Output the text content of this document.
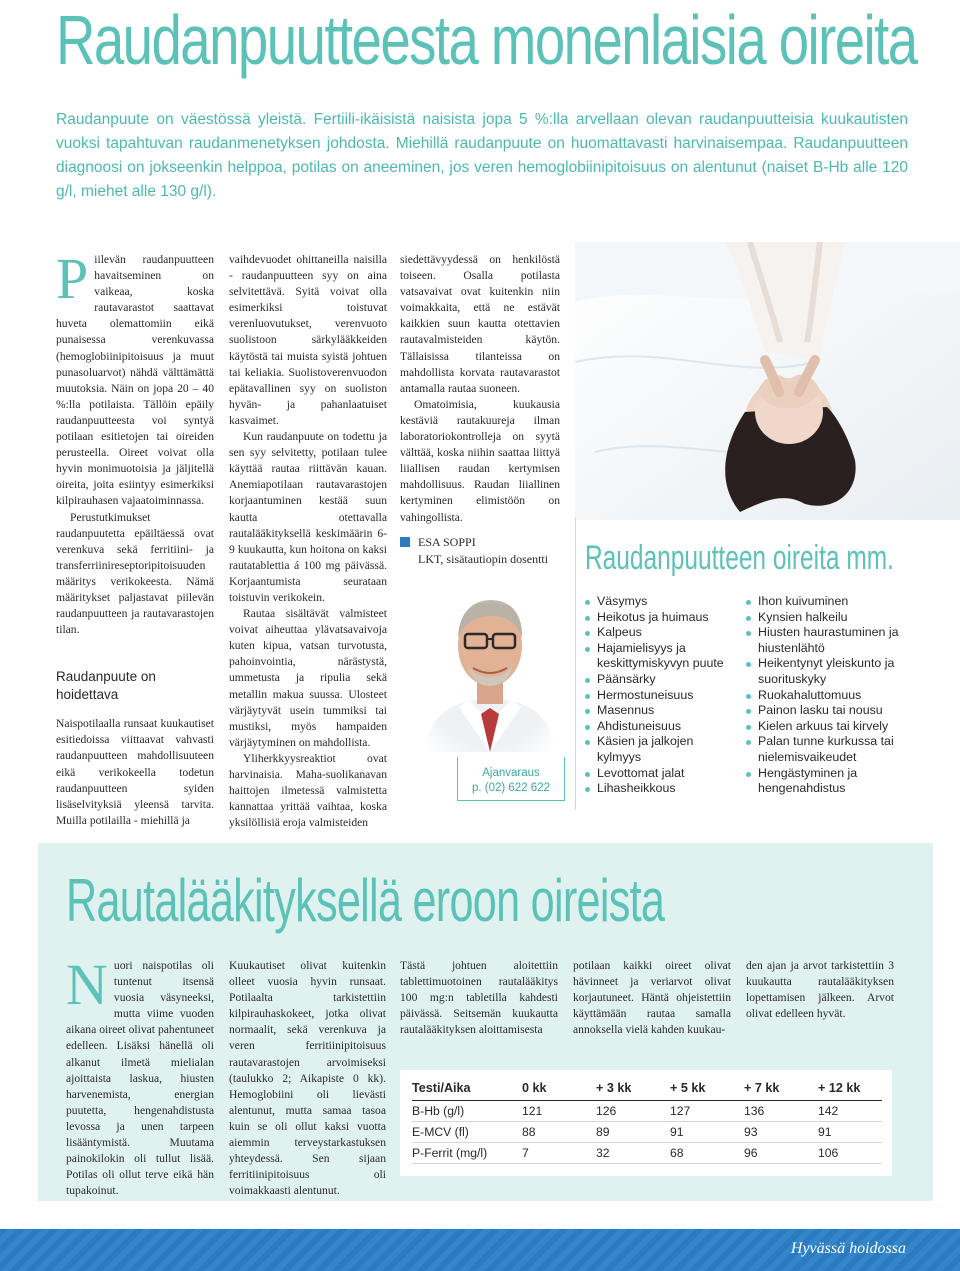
Raudanpuutteesta monenlaisia oireita
Raudanpuute on väestössä yleistä. Fertiili-ikäisistä naisista jopa 5 %:lla arvellaan olevan raudanpuutteisia kuukautisten vuoksi tapahtuvan raudanmenetyksen johdosta. Miehillä raudanpuute on huomattavasti harvinaisempaa. Raudanpuutteen diagnoosi on jokseenkin helppoa, potilas on aneeminen, jos veren hemoglobiinipitoisuus on alentunut (naiset B-Hb alle 120 g/l, miehet alle 130 g/l).

Piilevän raudanpuutteen havaitseminen on vaikeaa, koska rautavarastot saattavat huveta olemattomiin eikä punaisessa verenkuvassa (hemoglobiinipitoisuus ja muut punasoluarvot) nähdä välttämättä muutoksia. Näin on jopa 20 – 40 %:lla potilaista. Tällöin epäily raudanpuutteesta voi syntyä potilaan esitietojen tai oireiden perusteella. Oireet voivat olla hyvin monimuotoisia ja jäljitellä oireita, joita esiintyy esimerkiksi kilpirauhasen vajaatoiminnassa.

Perustutkimukset raudanpuutetta epäiltäessä ovat verenkuva sekä ferritiini- ja transferriinireseptoripitoisuuden määritys verikokeesta. Nämä määritykset paljastavat piilevän raudanpuutteen ja rautavarastojen tilan.

Raudanpuute on hoidettava

Naispotilaalla runsaat kuukautiset esitiedoissa viittaavat vahvasti raudanpuutteen mahdollisuuteen eikä verikokeella todetun raudanpuutteen syiden lisäselvityksiä yleensä tarvita. Muilla potilailla - miehillä ja

vaihdevuodet ohittaneilla naisilla - raudanpuutteen syy on aina selvitettävä. Syitä voivat olla esimerkiksi toistuvat verenluovutukset, verenvuoto suolistoon särkylääkkeiden käytöstä tai muista syistä johtuen tai keliakia. Suolistoverenvuodon epätavallinen syy on suoliston hyvän- ja pahanlaatuiset kasvaimet.

Kun raudanpuute on todettu ja sen syy selvitetty, potilaan tulee käyttää rautaa riittävän kauan. Anemiapotilaan rautavarastojen korjaantuminen kestää suun kautta otettavalla rautalääkityksellä keskimäärin 6-9 kuukautta, kun hoitona on kaksi rautatablettia á 100 mg päivässä. Korjaantumista seurataan toistuvin verikokein.

Rautaa sisältävät valmisteet voivat aiheuttaa ylävatsavaivoja kuten kipua, vatsan turvotusta, pahoinvointia, närästystä, ummetusta ja ripulia sekä metallin makua suussa. Ulosteet värjäytyvät usein tummiksi tai mustiksi, myös hampaiden värjäytyminen on mahdollista.

Yliherkkyysreaktiot ovat harvinaisia. Maha-suolikanavan haittojen ilmetessä valmistetta kannattaa yrittää vaihtaa, koska yksilöllisiä eroja valmisteiden

siedettävyydessä on henkilöstä toiseen. Osalla potilasta vatsavaivat ovat kuitenkin niin voimakkaita, että ne estävät kaikkien suun kautta otettavien rautavalmisteiden käytön. Tällaisissa tilanteissa on mahdollista korvata rautavarastot antamalla rautaa suoneen.

Omatoimisia, kuukausia kestäviä rautakuureja ilman laboratoriokontrolleja on syytä välttää, koska niihin saattaa liittyä liiallisen raudan kertymisen mahdollisuus. Raudan liiallinen kertyminen elimistöön on vahingollista.

ESA SOPPI
LKT, sisätautiopin dosentti
Ajanvaraus
p. (02) 622 622
Raudanpuutteen oireita mm.
Väsymys
Heikotus ja huimaus
Kalpeus
Hajamielisyys ja keskittymiskyvyn puute
Päänsärky
Hermostuneisuus
Masennus
Ahdistuneisuus
Käsien ja jalkojen kylmyys
Levottomat jalat
Lihasheikkous
Ihon kuivuminen
Kynsien halkeilu
Hiusten haurastuminen ja hiustenlähtö
Heikentynyt yleiskunto ja suorituskyky
Ruokahaluttomuus
Painon lasku tai nousu
Kielen arkuus tai kirvely
Palan tunne kurkussa tai nielemisvaikeudet
Hengästyminen ja hengenahdistus
Rautalääkityksellä eroon oireista

Nuori naispotilas oli tuntenut itsensä vuosia väsyneeksi, mutta viime vuoden aikana oireet olivat pahentuneet edelleen. Lisäksi hänellä oli alkanut ilmetä mielialan ajoittaista laskua, hiusten harvenemista, energian puutetta, hengenahdistusta levossa ja unen tarpeen lisääntymistä. Muutama painokilokin oli tullut lisää. Potilas oli ollut terve eikä hän tupakoinut.

Kuukautiset olivat kuitenkin olleet vuosia hyvin runsaat. Potilaalta tarkistettiin kilpirauhaskokeet, jotka olivat normaalit, sekä verenkuva ja veren ferritiinipitoisuus rautavarastojen arvoimiseksi (taulukko 2; Aikapiste 0 kk). Hemoglobiini oli lievästi alentunut, mutta samaa tasoa kuin se oli ollut kaksi vuotta aiemmin terveystarkastuksen yhteydessä. Sen sijaan ferritiinipitoisuus oli voimakkaasti alentunut.

Tästä johtuen aloitettiin tablettimuotoinen rautalääkitys 100 mg:n tabletilla kahdesti päivässä. Seitsemän kuukautta rautalääkityksen aloittamisesta

potilaan kaikki oireet olivat hävinneet ja veriarvot olivat korjautuneet. Häntä ohjeistettiin käyttämään rautaa samalla annoksella vielä kahden kuukau-

den ajan ja arvot tarkistettiin 3 kuukautta rautalääkityksen lopettamisen jälkeen. Arvot olivat edelleen hyvät.

Testi/Aika	0 kk	+ 3 kk	+ 5 kk	+ 7 kk	+ 12 kk
B-Hb (g/l)	121	126	127	136	142
E-MCV (fl)	88	89	91	93	91
P-Ferrit (mg/l)	7	32	68	96	106
Hyvässä hoidossa
